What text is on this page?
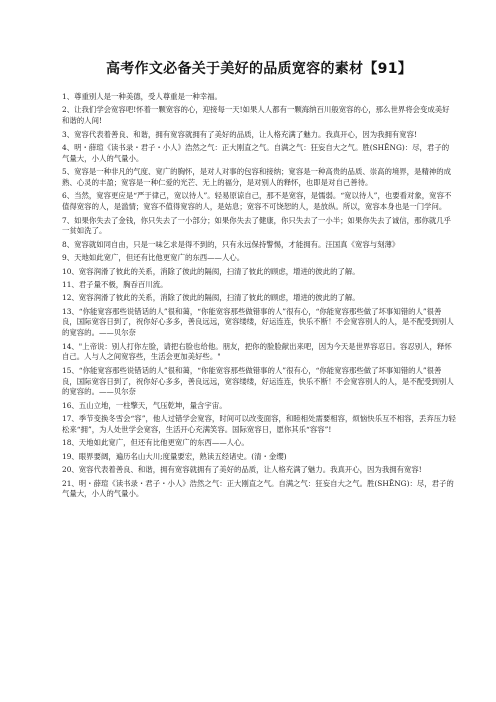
高考作文必备关于美好的品质宽容的素材【91】
1、尊重别人是一种美德，受人尊重是一种幸福。
2、让我们学会宽容吧!怀着一颗宽容的心，迎接每一天!如果人人都有一颗海纳百川般宽容的心，那么世界将会变成美好和谐的人间!
3、宽容代表着善良、和谐，拥有宽容就拥有了美好的品质，让人格充满了魅力。我真开心，因为我拥有宽容!
4、明・薛瑄《读书录・君子・小人》浩然之气：正大刚直之气。自满之气：狂妄自大之气。胜(SHĒNG)：尽，君子的气量大，小人的气量小。
5、宽容是一种非凡的气度、宽广的胸怀，是对人对事的包容和接纳；宽容是一种高贵的品质、崇高的境界，是精神的成熟、心灵的丰盈；宽容是一种仁爱的光芒、无上的福分，是对别人的释怀，也即是对自己善待。
6、当然，宽容更应是“严于律己，宽以待人”。轻易原谅自己，那不是宽容，是懦弱。“宽以待人”，也要看对象，宽容不值得宽容的人，是滥情；宽容不值得宽容的人，是姑息；宽容不可饶恕的人，是放纵。所以，宽容本身也是一门学问。
7、如果你失去了金钱，你只失去了一小部分；如果你失去了健康，你只失去了一小半；如果你失去了诚信，那你就几乎一贫如洗了。
8、宽容就如同自由，只是一味乞求是得不到的，只有永远保持警惕，才能拥有。汪国真《宽容与刻薄》
9、天地如此宽广，但还有比他更宽广的东西——人心。
10、宽容润滑了彼此的关系，消除了彼此的隔阂，扫清了彼此的顾虑，增进的彼此的了解。
11、君子量不极，胸吞百川流。
12、宽容润滑了彼此的关系，消除了彼此的隔阂，扫清了彼此的顾虑，增进的彼此的了解。
13、“你能宽容那些说错话的人”很和蔼，“你能宽容那些做错事的人”很有心，“你能宽容那些做了坏事知错的人”很善良，国际宽容日到了，祝你好心多多，善良远远，宽容缕缕，好运连连，快乐不断！不会宽容别人的人，是不配受到别人的宽容的。——贝尔奈
14、"上帝说：别人打你左脸，请把右脸也给他。朋友，把你的脸脸献出来吧，因为今天是世界容忍日。容忍别人，释怀自己。人与人之间宽容些，生活会更加美好些。"
15、“你能宽容那些说错话的人”很和蔼，“你能宽容那些做错事的人”很有心，“你能宽容那些做了坏事知错的人”很善良，国际宽容日到了，祝你好心多多，善良远远，宽容缕缕，好运连连，快乐不断！不会宽容别人的人，是不配受到别人的宽容的。——贝尔奈
16、五山立地，一柱擎天，气压乾坤，量含宇宙。
17、季节变换冬雪会“容”，他人过错学会宽容，时间可以改变面容，和睦相处需要相容，烦恼快乐互不相容，丢弃压力轻松来“拥”，为人处世学会宽容，生活开心充满笑容。国际宽容日，愿你其乐“容容”!
18、天地如此宽广，但还有比他更宽广的东西——人心。
19、眼界要阔，遍历名山大川;度量要宏，熟读五经诸史。(清・金缨)
20、宽容代表着善良、和谐，拥有宽容就拥有了美好的品质，让人格充满了魅力。我真开心，因为我拥有宽容!
21、明・薛瑄《读书录・君子・小人》浩然之气：正大刚直之气。自满之气：狂妄自大之气。胜(SHĒNG)：尽，君子的气量大，小人的气量小。
